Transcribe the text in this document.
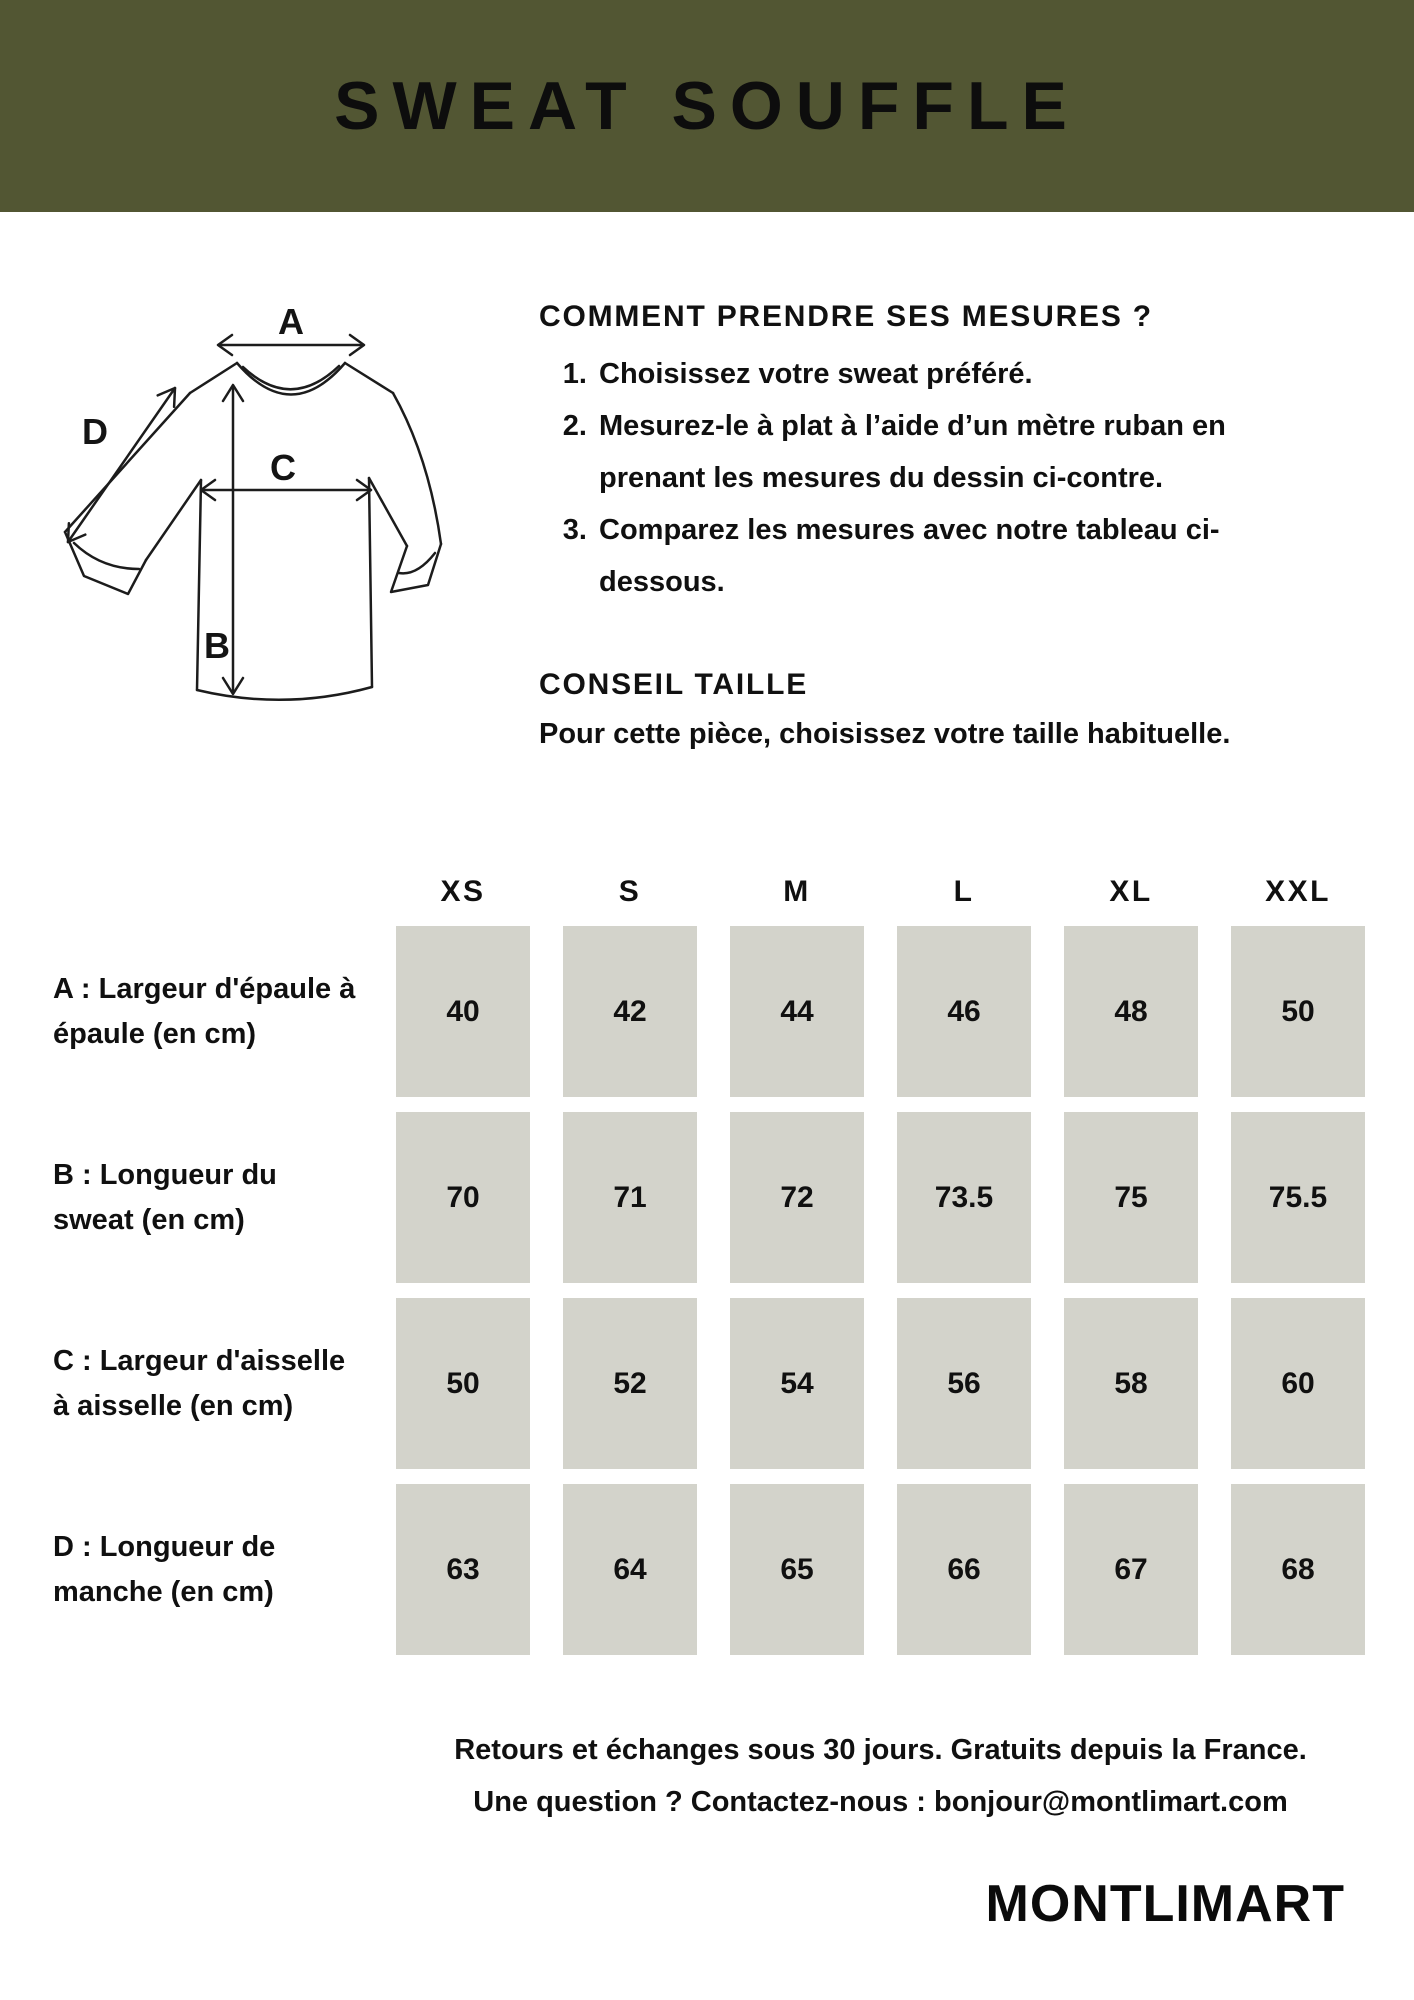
SWEAT SOUFFLE
A
D
C
B
COMMENT PRENDRE SES MESURES ?
1. Choisissez votre sweat préféré.
2. Mesurez-le à plat à l’aide d’un mètre ruban en prenant les mesures du dessin ci-contre.
3. Comparez les mesures avec notre tableau ci-dessous.
CONSEIL TAILLE

Pour cette pièce, choisissez votre taille habituelle.

XS	S	M	L	XL	XXL
A : Largeur d'épaule à épaule (en cm)
40	42	44	46	48	50
B : Longueur du sweat (en cm)
70	71	72	73.5	75	75.5
C : Largeur d'aisselle à aisselle (en cm)
50	52	54	56	58	60
D : Longueur de manche (en cm)
63	64	65	66	67	68

Retours et échanges sous 30 jours. Gratuits depuis la France.

Une question ? Contactez-nous : bonjour@montlimart.com

MONTLIMART
